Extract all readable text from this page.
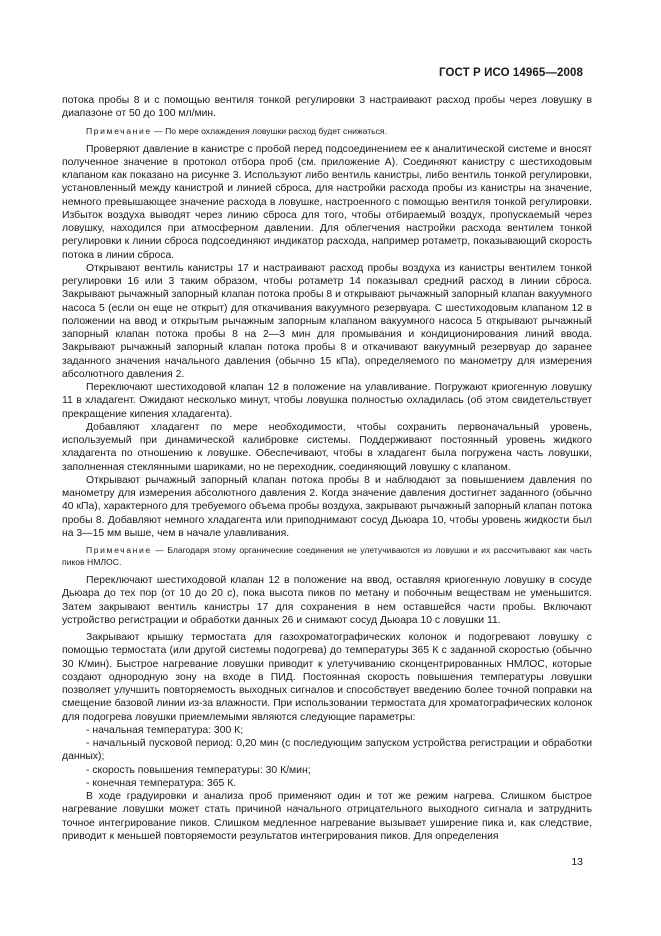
ГОСТ Р ИСО 14965—2008

потока пробы 8 и с помощью вентиля тонкой регулировки 3 настраивают расход пробы через ловушку в диапазоне от 50 до 100 мл/мин.

Примечание — По мере охлаждения ловушки расход будет снижаться.

Проверяют давление в канистре с пробой перед подсоединением ее к аналитической системе и вносят полученное значение в протокол отбора проб (см. приложение А). Соединяют канистру с шестиходовым клапаном как показано на рисунке 3. Используют либо вентиль канистры, либо вентиль тонкой регулировки, установленный между канистрой и линией сброса, для настройки расхода пробы из канистры на значение, немного превышающее значение расхода в ловушке, настроенного с помощью вентиля тонкой регулировки. Избыток воздуха выводят через линию сброса для того, чтобы отбираемый воздух, пропускаемый через ловушку, находился при атмосферном давлении. Для облегчения настройки расхода вентилем тонкой регулировки к линии сброса подсоединяют индикатор расхода, например ротаметр, показывающий скорость потока в линии сброса.

Открывают вентиль канистры 17 и настраивают расход пробы воздуха из канистры вентилем тонкой регулировки 16 или 3 таким образом, чтобы ротаметр 14 показывал средний расход в линии сброса. Закрывают рычажный запорный клапан потока пробы 8 и открывают рычажный запорный клапан вакуумного насоса 5 (если он еще не открыт) для откачивания вакуумного резервуара. С шестиходовым клапаном 12 в положении на ввод и открытым рычажным запорным клапаном вакуумного насоса 5 открывают рычажный запорный клапан потока пробы 8 на 2—3 мин для промывания и кондиционирования линий ввода. Закрывают рычажный запорный клапан потока пробы 8 и откачивают вакуумный резервуар до заранее заданного значения начального давления (обычно 15 кПа), определяемого по манометру для измерения абсолютного давления 2.

Переключают шестиходовой клапан 12 в положение на улавливание. Погружают криогенную ловушку 11 в хладагент. Ожидают несколько минут, чтобы ловушка полностью охладилась (об этом свидетельствует прекращение кипения хладагента).

Добавляют хладагент по мере необходимости, чтобы сохранить первоначальный уровень, используемый при динамической калибровке системы. Поддерживают постоянный уровень жидкого хладагента по отношению к ловушке. Обеспечивают, чтобы в хладагент была погружена часть ловушки, заполненная стеклянными шариками, но не переходник, соединяющий ловушку с клапаном.

Открывают рычажный запорный клапан потока пробы 8 и наблюдают за повышением давления по манометру для измерения абсолютного давления 2. Когда значение давления достигнет заданного (обычно 40 кПа), характерного для требуемого объема пробы воздуха, закрывают рычажный запорный клапан потока пробы 8. Добавляют немного хладагента или приподнимают сосуд Дьюара 10, чтобы уровень жидкости был на 3—15 мм выше, чем в начале улавливания.

Примечание — Благодаря этому органические соединения не улетучиваются из ловушки и их рассчитывают как часть пиков НМЛОС.

Переключают шестиходовой клапан 12 в положение на ввод, оставляя криогенную ловушку в сосуде Дьюара до тех пор (от 10 до 20 с), пока высота пиков по метану и побочным веществам не уменьшится. Затем закрывают вентиль канистры 17 для сохранения в нем оставшейся части пробы. Включают устройство регистрации и обработки данных 26 и снимают сосуд Дьюара 10 с ловушки 11.

Закрывают крышку термостата для газохроматографических колонок и подогревают ловушку с помощью термостата (или другой системы подогрева) до температуры 365 К с заданной скоростью (обычно 30 К/мин). Быстрое нагревание ловушки приводит к улетучиванию сконцентрированных НМЛОС, которые создают однородную зону на входе в ПИД. Постоянная скорость повышения температуры ловушки позволяет улучшить повторяемость выходных сигналов и способствует введению более точной поправки на смещение базовой линии из-за влажности. При использовании термостата для хроматографических колонок для подогрева ловушки приемлемыми являются следующие параметры:

- начальная температура: 300 К;

- начальный пусковой период: 0,20 мин (с последующим запуском устройства регистрации и обработки данных);

- скорость повышения температуры: 30 К/мин;

- конечная температура: 365 К.

В ходе градуировки и анализа проб применяют один и тот же режим нагрева. Слишком быстрое нагревание ловушки может стать причиной начального отрицательного выходного сигнала и затруднить точное интегрирование пиков. Слишком медленное нагревание вызывает уширение пика и, как следствие, приводит к меньшей повторяемости результатов интегрирования пиков. Для определения

13
